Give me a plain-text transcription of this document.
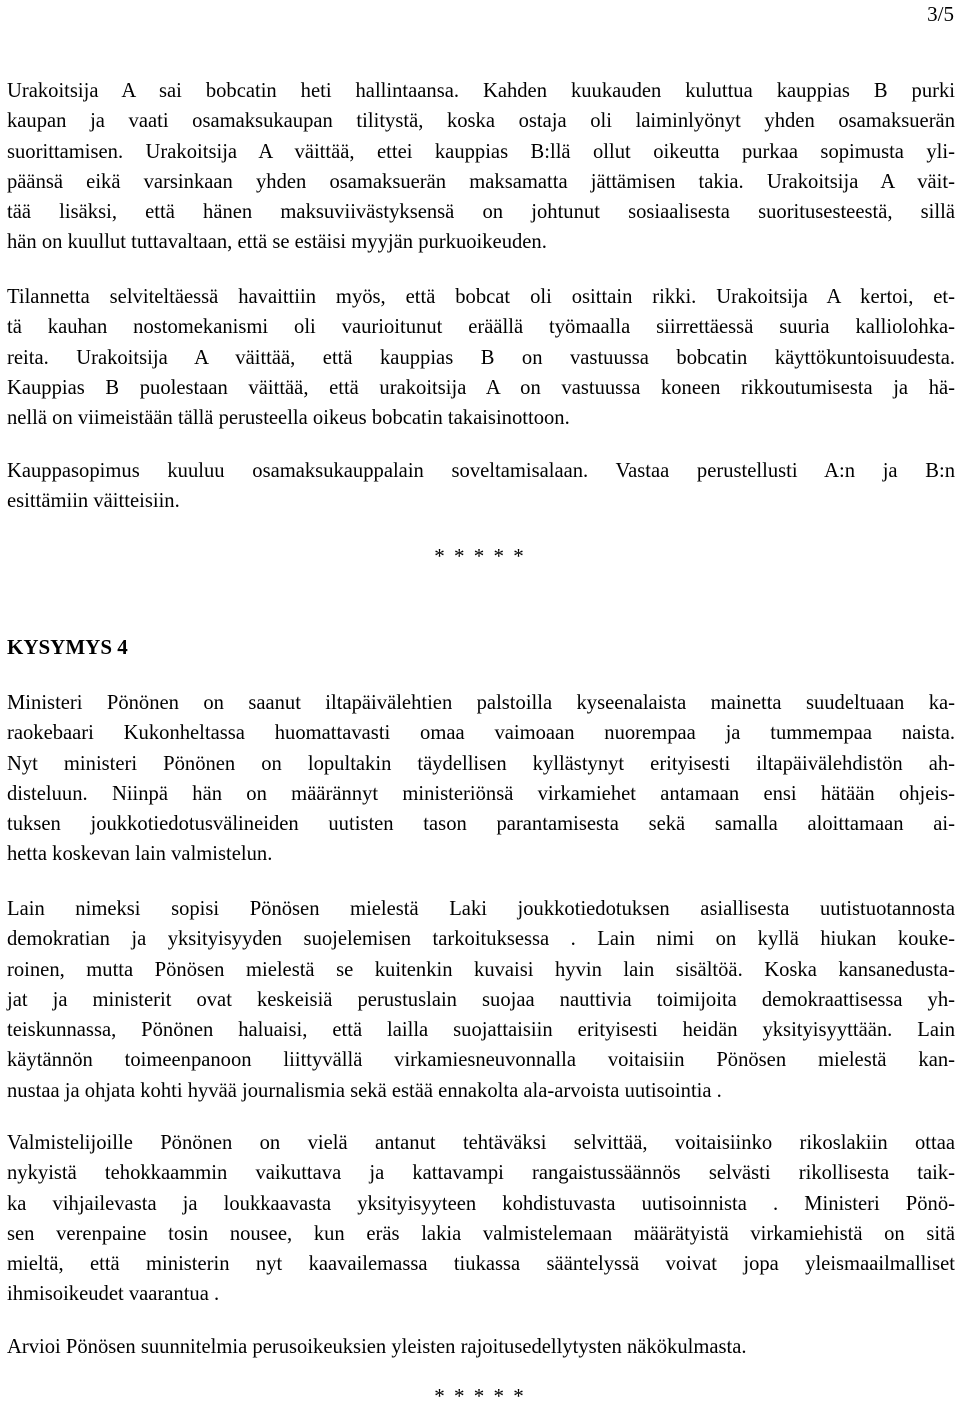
3/5
Urakoitsija A sai bobcatin heti hallintaansa. Kahden kuukauden kuluttua kauppias B purki
kaupan ja vaati osamaksukaupan tilitystä, koska ostaja oli laiminlyönyt yhden osamaksuerän
suorittamisen. Urakoitsija A väittää, ettei kauppias B:llä ollut oikeutta purkaa sopimusta yli-
päänsä eikä varsinkaan yhden osamaksuerän maksamatta jättämisen takia. Urakoitsija A väit-
tää lisäksi, että hänen maksuviivästyksensä on johtunut sosiaalisesta suoritusesteestä, sillä
hän on kuullut tuttavaltaan, että se estäisi myyjän purkuoikeuden.
Tilannetta selviteltäessä havaittiin myös, että bobcat oli osittain rikki. Urakoitsija A kertoi, et-
tä kauhan nostomekanismi oli vaurioitunut eräällä työmaalla siirrettäessä suuria kalliolohka-
reita. Urakoitsija A väittää, että kauppias B on vastuussa bobcatin käyttökuntoisuudesta.
Kauppias B puolestaan väittää, että urakoitsija A on vastuussa koneen rikkoutumisesta ja hä-
nellä on viimeistään tällä perusteella oikeus bobcatin takaisinottoon.
Kauppasopimus kuuluu osamaksukauppalain soveltamisalaan. Vastaa perustellusti A:n ja B:n
esittämiin väitteisiin.
* * * * *
KYSYMYS 4
Ministeri Pönönen on saanut iltapäivälehtien palstoilla kyseenalaista mainetta suudeltuaan ka-
raokebaari Kukonheltassa huomattavasti omaa vaimoaan nuorempaa ja tummempaa naista.
Nyt ministeri Pönönen on lopultakin täydellisen kyllästynyt erityisesti iltapäivälehdistön ah-
disteluun. Niinpä hän on määrännyt ministeriönsä virkamiehet antamaan ensi hätään ohjeis-
tuksen joukkotiedotusvälineiden uutisten tason parantamisesta sekä samalla aloittamaan ai-
hetta koskevan lain valmistelun.
Lain nimeksi sopisi Pönösen mielestä Laki joukkotiedotuksen asiallisesta uutistuotannosta
demokratian ja yksityisyyden suojelemisen tarkoituksessa . Lain nimi on kyllä hiukan kouke-
roinen, mutta Pönösen mielestä se kuitenkin kuvaisi hyvin lain sisältöä. Koska kansanedusta-
jat ja ministerit ovat keskeisiä perustuslain suojaa nauttivia toimijoita demokraattisessa yh-
teiskunnassa, Pönönen haluaisi, että lailla suojattaisiin erityisesti heidän yksityisyyttään. Lain
käytännön toimeenpanoon liittyvällä virkamiesneuvonnalla voitaisiin Pönösen mielestä kan-
nustaa ja ohjata kohti hyvää journalismia sekä estää ennakolta ala-arvoista uutisointia .
Valmistelijoille Pönönen on vielä antanut tehtäväksi selvittää, voitaisiinko rikoslakiin ottaa
nykyistä tehokkaammin vaikuttava ja kattavampi rangaistussäännös selvästi rikollisesta taik-
ka vihjailevasta ja loukkaavasta yksityisyyteen kohdistuvasta uutisoinnista . Ministeri Pönö-
sen verenpaine tosin nousee, kun eräs lakia valmistelemaan määrätyistä virkamiehistä on sitä
mieltä, että ministerin nyt kaavailemassa tiukassa sääntelyssä voivat jopa yleismaailmalliset
ihmisoikeudet vaarantua .
Arvioi Pönösen suunnitelmia perusoikeuksien yleisten rajoitusedellytysten näkökulmasta.
* * * * *
